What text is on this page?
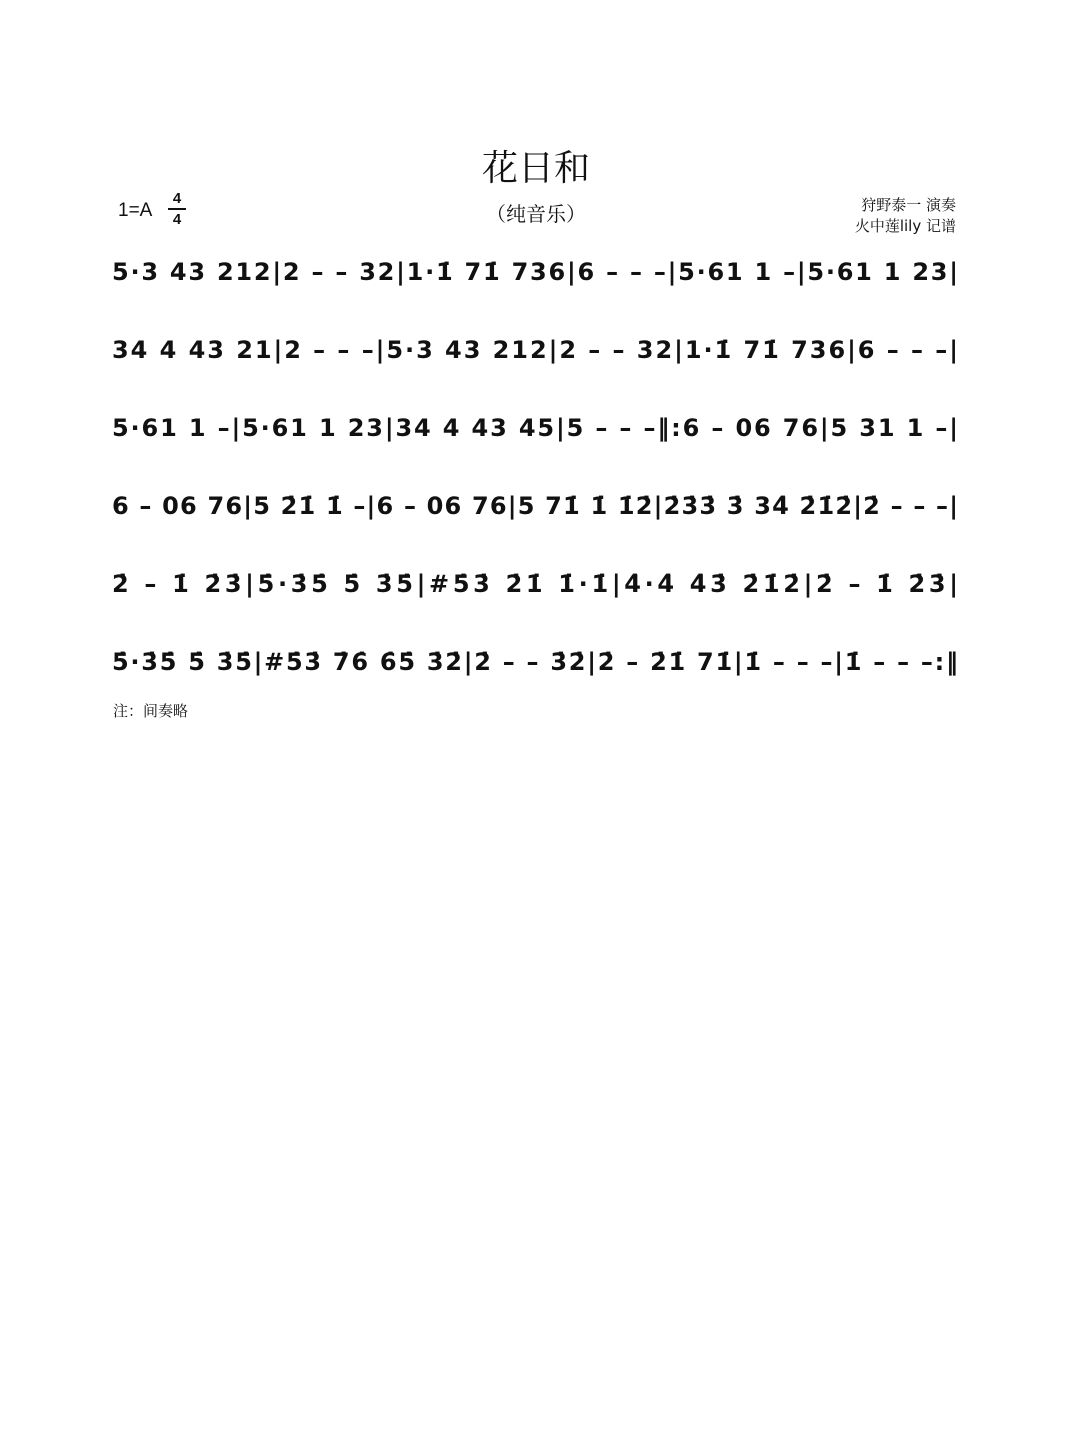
花日和
（纯音乐）
1=A
4
4
狩野泰一 演奏
火中莲lily 记谱
5·3 43 212|2 – – 32|1·1̇ 71̇ 736|6 – – –|5·61 1 –|5·61 1 23|
34 4 43 21|2 – – –|5·3 43 212|2 – – 32|1·1̇ 71̇ 736|6 – – –|
5·61 1 –|5·61 1 23|34 4 43 45|5 – – –‖:6 – 06 76|5 31 1 –|
6 – 06 76|5 2̇1̇ 1̇ –|6 – 06 76|5 71̇ 1̇ 1̇2̇|2̇3̇3̇ 3̇ 34̇ 2̇1̇2̇|2̇ – – –|
2̇ – 1̇ 2̇3̇|5̇·3̇5̇ 5̇ 3̇5̇|#5̇3̇ 2̇1̇ 1̇·1̇|4̇·4̇ 4̇3̇ 2̇1̇2̇|2̇ – 1̇ 2̇3̇|
5̇·3̇5̇ 5̇ 3̇5̇|#5̇3̇ 7̇6̇ 6̇5̇ 3̇2̇|2̇ – – 3̇2̇|2̇ – 2̇1̇ 71̇|1̇ – – –|1̇ – – –:‖
注：间奏略
